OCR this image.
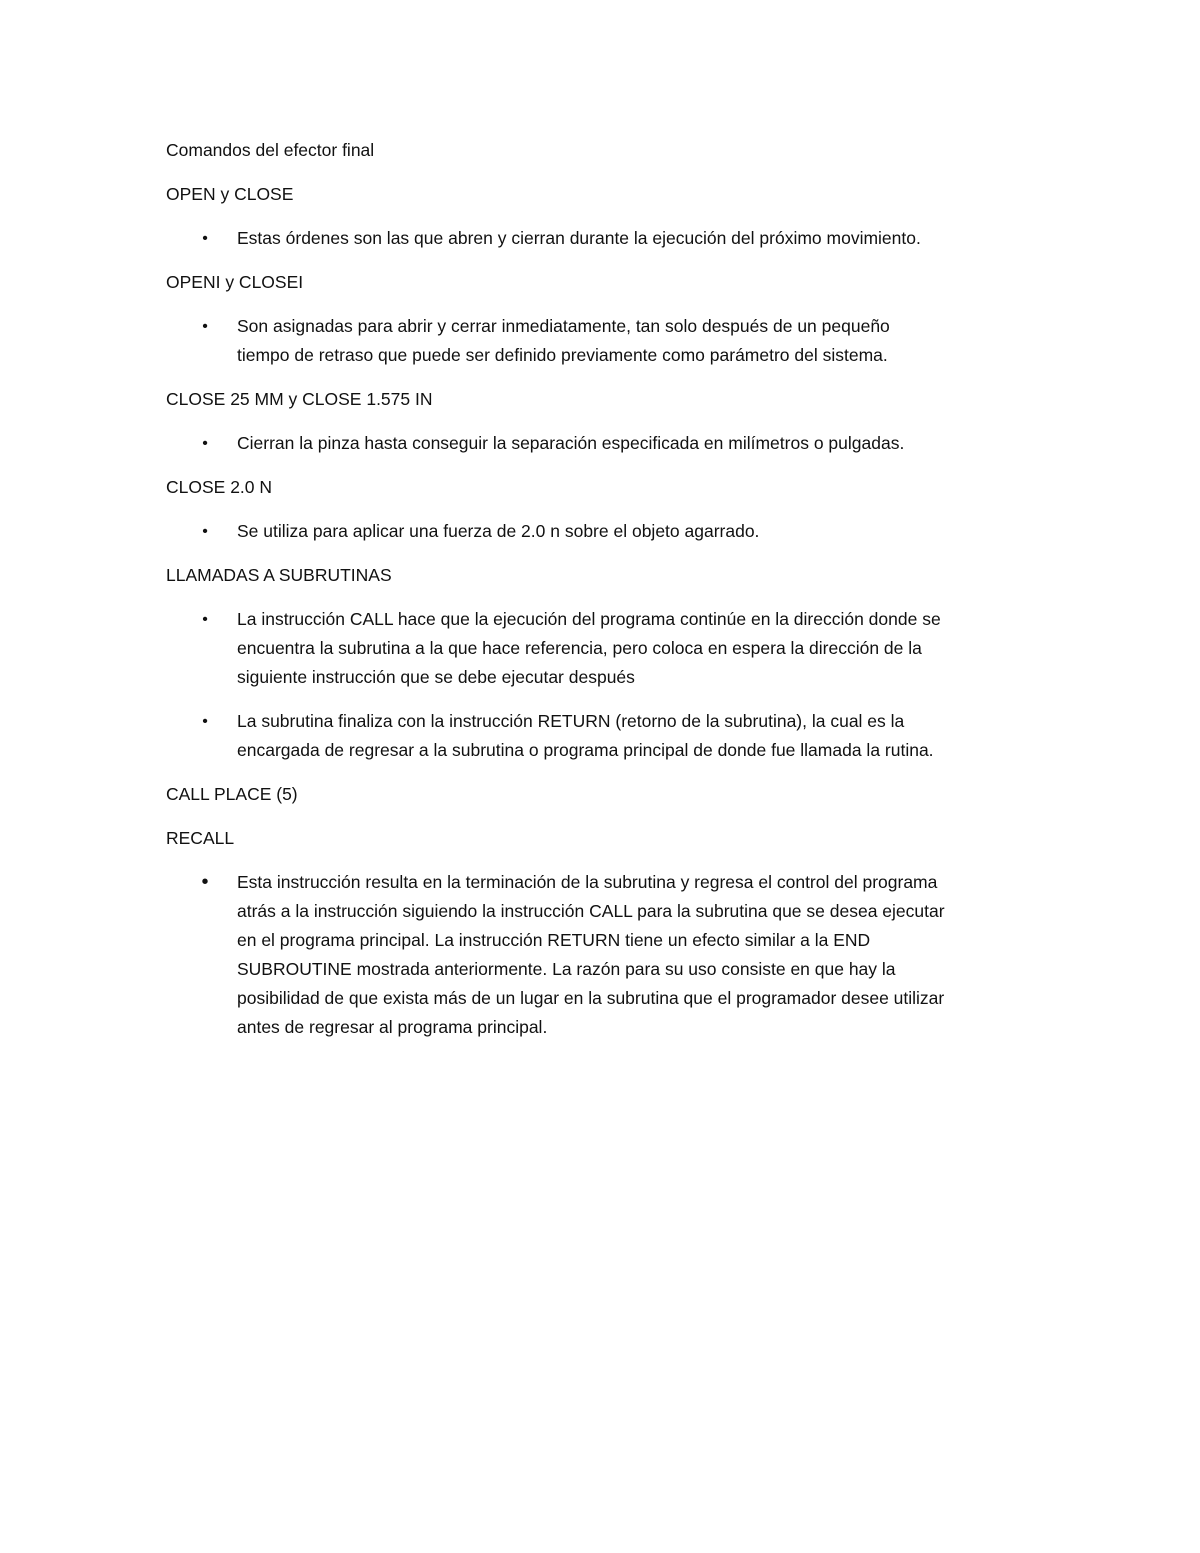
Comandos del efector final

OPEN y CLOSE

• Estas órdenes son las que abren y cierran durante la ejecución del próximo movimiento.

OPENI y CLOSEI

• Son asignadas para abrir y cerrar inmediatamente, tan solo después de un pequeño
tiempo de retraso que puede ser definido previamente como parámetro del sistema.

CLOSE 25 MM y CLOSE 1.575 IN

• Cierran la pinza hasta conseguir la separación especificada en milímetros o pulgadas.

CLOSE 2.0 N

• Se utiliza para aplicar una fuerza de 2.0 n sobre el objeto agarrado.

LLAMADAS A SUBRUTINAS

• La instrucción CALL hace que la ejecución del programa continúe en la dirección donde se
encuentra la subrutina a la que hace referencia, pero coloca en espera la dirección de la
siguiente instrucción que se debe ejecutar después
• La subrutina finaliza con la instrucción RETURN (retorno de la subrutina), la cual es la
encargada de regresar a la subrutina o programa principal de donde fue llamada la rutina.

CALL PLACE (5)

RECALL

• Esta instrucción resulta en la terminación de la subrutina y regresa el control del programa
atrás a la instrucción siguiendo la instrucción CALL para la subrutina que se desea ejecutar
en el programa principal. La instrucción RETURN tiene un efecto similar a la END
SUBROUTINE mostrada anteriormente. La razón para su uso consiste en que hay la
posibilidad de que exista más de un lugar en la subrutina que el programador desee utilizar
antes de regresar al programa principal.
